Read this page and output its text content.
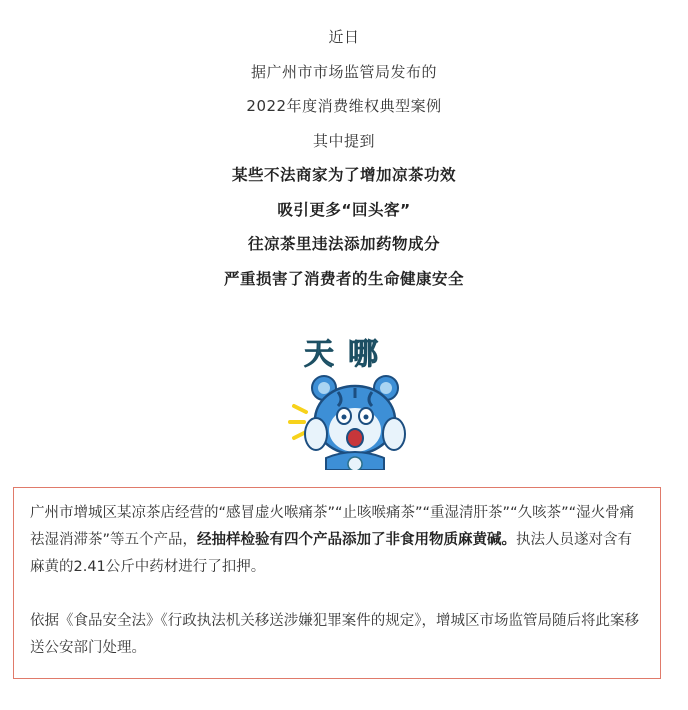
近日
据广州市市场监管局发布的
2022年度消费维权典型案例
其中提到
某些不法商家为了增加凉茶功效
吸引更多“回头客”
往凉茶里违法添加药物成分
严重损害了消费者的生命健康安全
天哪

广州市增城区某凉茶店经营的“感冒虚火喉痛茶”“止咳喉痛茶”“重湿清肝茶”“久咳茶”“湿火骨痛祛湿消滞茶”等五个产品，经抽样检验有四个产品添加了非食用物质麻黄碱。执法人员遂对含有麻黄的2.41公斤中药材进行了扣押。

依据《食品安全法》《行政执法机关移送涉嫌犯罪案件的规定》，增城区市场监管局随后将此案移送公安部门处理。
